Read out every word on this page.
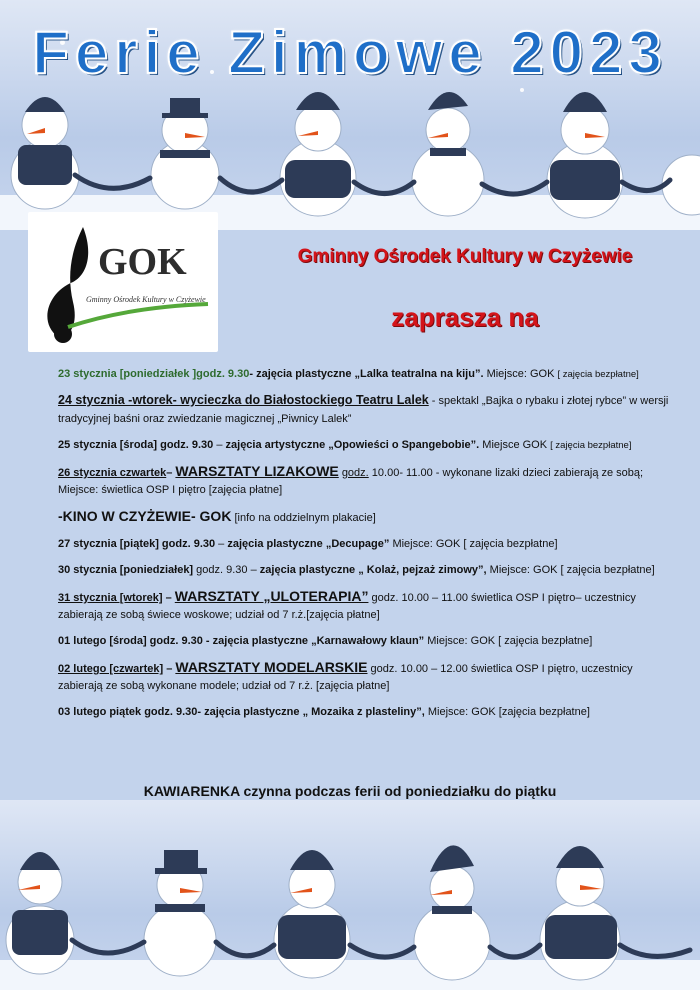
Ferie Zimowe 2023
GOK
Gminny Ośrodek Kultury w Czyżewie
Gminny Ośrodek Kultury w Czyżewie
zaprasza na
23 stycznia [poniedziałek ]godz. 9.30- zajęcia plastyczne „Lalka teatralna na kiju”. Miejsce: GOK [ zajęcia bezpłatne]
24 stycznia -wtorek- wycieczka do Białostockiego Teatru Lalek - spektakl „Bajka o rybaku i złotej rybce” w wersji tradycyjnej baśni oraz zwiedzanie magicznej „Piwnicy Lalek”
25 stycznia [środa] godz. 9.30 – zajęcia artystyczne „Opowieści o Spangebobie”. Miejsce GOK [ zajęcia bezpłatne]
26 stycznia czwartek– WARSZTATY LIZAKOWE godz. 10.00- 11.00 - wykonane lizaki dzieci zabierają ze sobą; Miejsce: świetlica OSP I piętro [zajęcia płatne]
-KINO W CZYŻEWIE- GOK [info na oddzielnym plakacie]
27 stycznia [piątek] godz. 9.30 – zajęcia plastyczne „Decupage” Miejsce: GOK [ zajęcia bezpłatne]
30 stycznia [poniedziałek] godz. 9.30 – zajęcia plastyczne „ Kolaż, pejzaż zimowy”, Miejsce: GOK [ zajęcia bezpłatne]
31 stycznia [wtorek] – WARSZTATY „ULOTERAPIA” godz. 10.00 – 11.00 świetlica OSP I piętro– uczestnicy zabierają ze sobą świece woskowe; udział od 7 r.ż.[zajęcia płatne]
01 lutego [środa] godz. 9.30 - zajęcia plastyczne „Karnawałowy klaun” Miejsce: GOK [ zajęcia bezpłatne]
02 lutego [czwartek] – WARSZTATY MODELARSKIE godz. 10.00 – 12.00 świetlica OSP I piętro, uczestnicy zabierają ze sobą wykonane modele; udział od 7 r.ż. [zajęcia płatne]
03 lutego piątek godz. 9.30- zajęcia plastyczne „ Mozaika z plasteliny”, Miejsce: GOK [zajęcia bezpłatne]
KAWIARENKA czynna podczas ferii od poniedziałku do piątku
